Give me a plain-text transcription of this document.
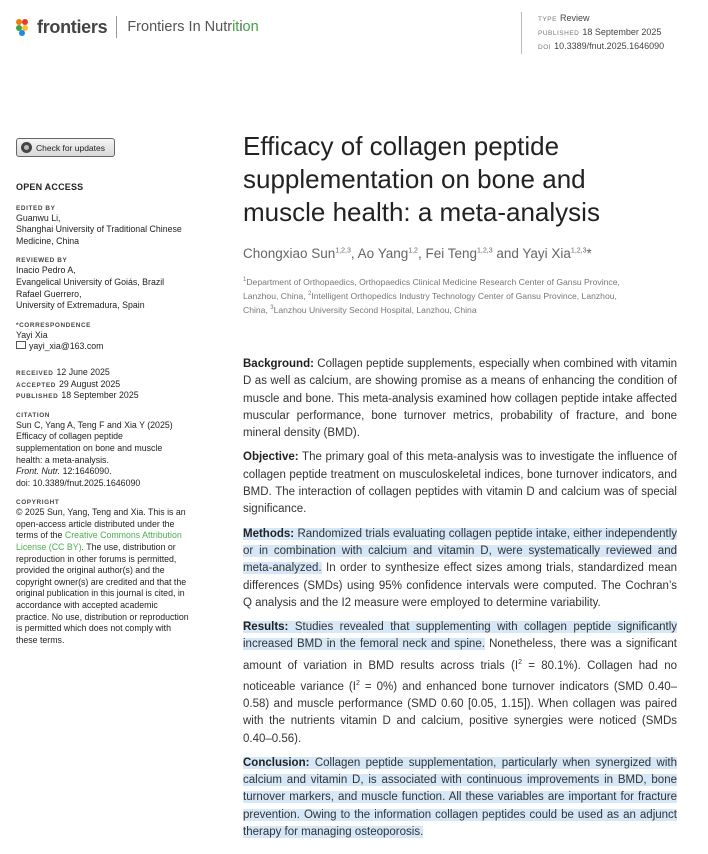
frontiers Frontiers In Nutrition	TYPE Review
PUBLISHED 18 September 2025
DOI 10.3389/fnut.2025.1646090
Check for updates
OPEN ACCESS
EDITED BY
Guanwu Li,
Shanghai University of Traditional Chinese
Medicine, China
REVIEWED BY
Inacio Pedro A,
Evangelical University of Goiás, Brazil
Rafael Guerrero,
University of Extremadura, Spain
*CORRESPONDENCE
Yayi Xia
yayi_xia@163.com
RECEIVED 12 June 2025
ACCEPTED 29 August 2025
PUBLISHED 18 September 2025
CITATION
Sun C, Yang A, Teng F and Xia Y (2025)
Efficacy of collagen peptide
supplementation on bone and muscle
health: a meta-analysis.
Front. Nutr. 12:1646090.
doi: 10.3389/fnut.2025.1646090
COPYRIGHT
© 2025 Sun, Yang, Teng and Xia. This is an
open-access article distributed under the
terms of the Creative Commons Attribution
License (CC BY). The use, distribution or
reproduction in other forums is permitted,
provided the original author(s) and the
copyright owner(s) are credited and that the
original publication in this journal is cited, in
accordance with accepted academic
practice. No use, distribution or reproduction
is permitted which does not comply with
these terms.
Efficacy of collagen peptide
supplementation on bone and
muscle health: a meta-analysis
Chongxiao Sun$^{1,2,3}$, Ao Yang$^{1,2}$, Fei Teng$^{1,2,3}$ and Yayi Xia$^{1,2,3}$*
$^1$Department of Orthopaedics, Orthopaedics Clinical Medicine Research Center of Gansu Province,
Lanzhou, China, $^2$Intelligent Orthopedics Industry Technology Center of Gansu Province, Lanzhou,
China, $^3$Lanzhou University Second Hospital, Lanzhou, China

Background: Collagen peptide supplements, especially when combined with vitamin D as well as calcium, are showing promise as a means of enhancing the condition of muscle and bone. This meta-analysis examined how collagen peptide intake affected muscular performance, bone turnover metrics, probability of fracture, and bone mineral density (BMD).

Objective: The primary goal of this meta-analysis was to investigate the influence of collagen peptide treatment on musculoskeletal indices, bone turnover indicators, and BMD. The interaction of collagen peptides with vitamin D and calcium was of special significance.

Methods: Randomized trials evaluating collagen peptide intake, either independently or in combination with calcium and vitamin D, were systematically reviewed and meta-analyzed. In order to synthesize effect sizes among trials, standardized mean differences (SMDs) using 95% confidence intervals were computed. The Cochran’s Q analysis and the I2 measure were employed to determine variability.

Results: Studies revealed that supplementing with collagen peptide significantly increased BMD in the femoral neck and spine. Nonetheless, there was a significant amount of variation in BMD results across trials $(I^2 = 80.1\%)$. Collagen had no noticeable variance $(I^2 = 0\%)$ and enhanced bone turnover indicators (SMD 0.40–0.58) and muscle performance (SMD 0.60 [0.05, 1.15]). When collagen was paired with the nutrients vitamin D and calcium, positive synergies were noticed (SMDs 0.40–0.56).

Conclusion: Collagen peptide supplementation, particularly when synergized with calcium and vitamin D, is associated with continuous improvements in BMD, bone turnover markers, and muscle function. All these variables are important for fracture prevention. Owing to the information collagen peptides could be used as an adjunct therapy for managing osteoporosis.
